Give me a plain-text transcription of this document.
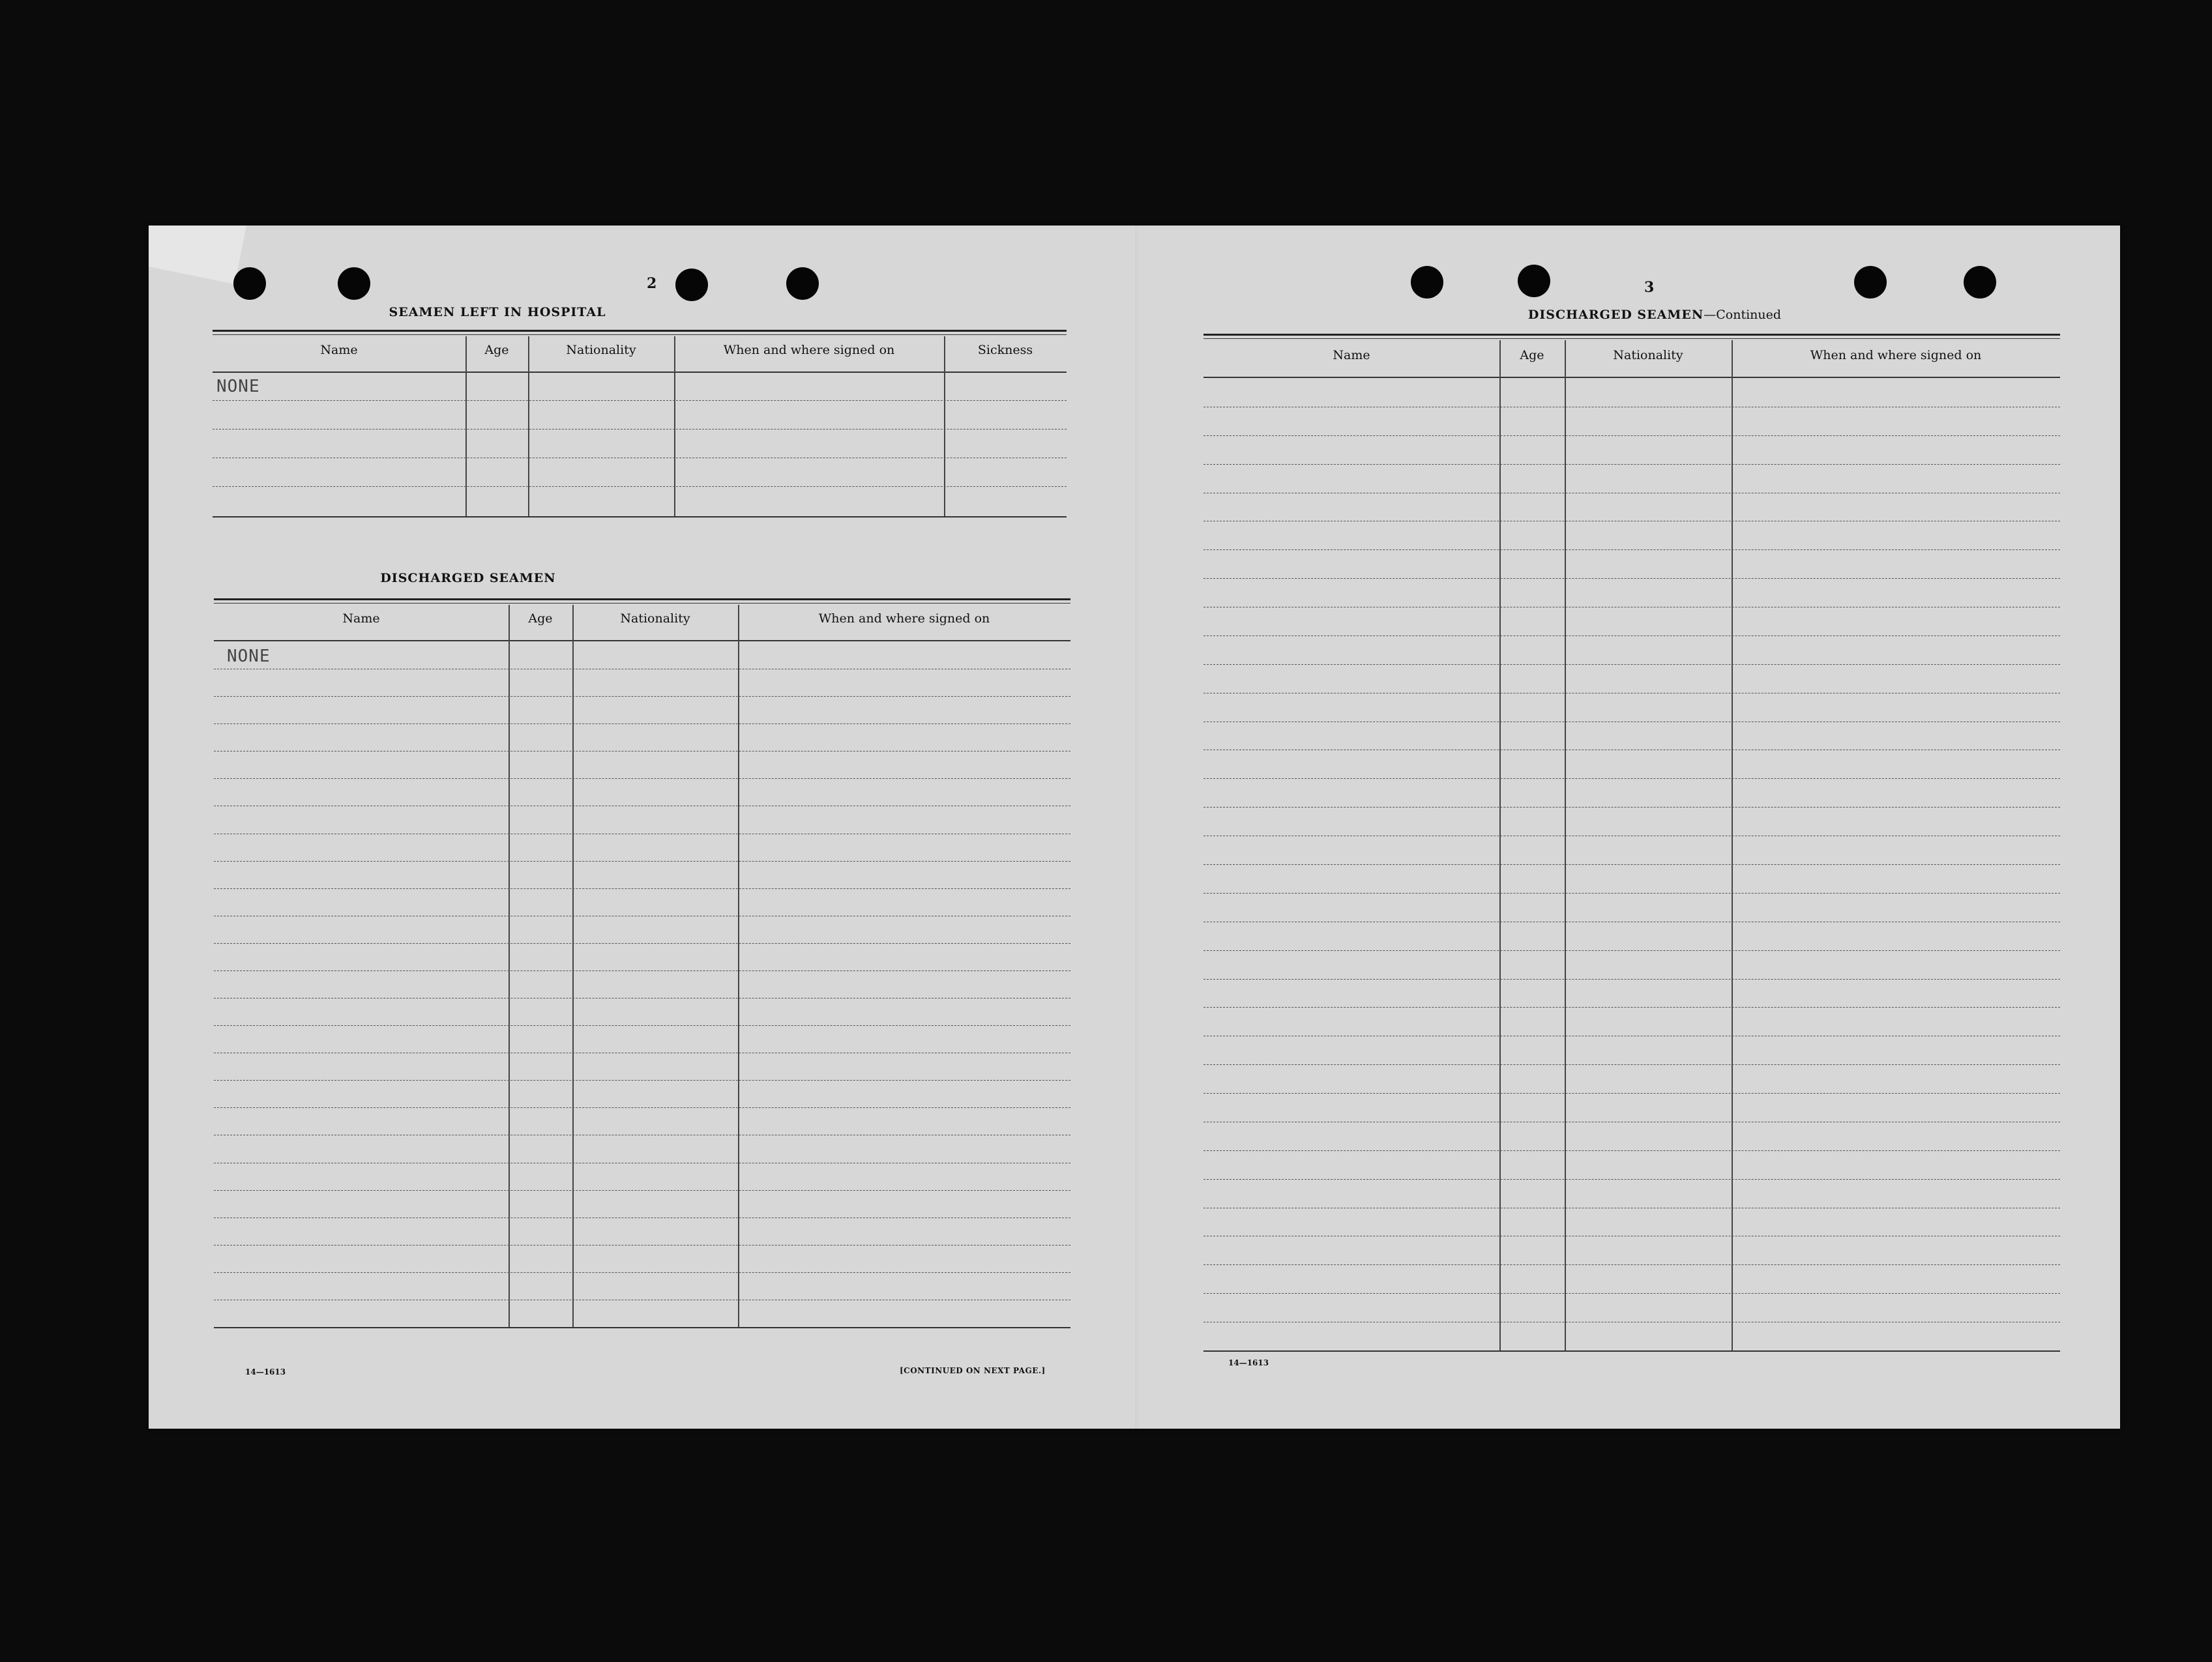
2
SEAMEN LEFT IN HOSPITAL
Name	Age	Nationality	When and where signed on	Sickness
NONE
DISCHARGED SEAMEN
Name	Age	Nationality	When and where signed on
NONE
14—1613	[CONTINUED ON NEXT PAGE.]
3
DISCHARGED SEAMEN—Continued
Name	Age	Nationality	When and where signed on
14—1613
